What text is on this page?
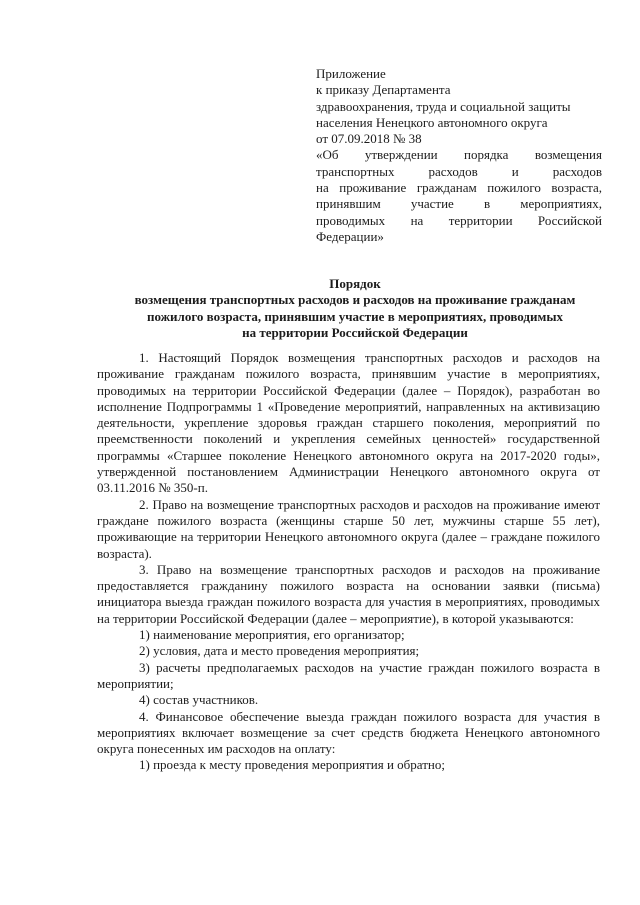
Приложение
к приказу Департамента
здравоохранения, труда и социальной защиты
населения Ненецкого автономного округа
от 07.09.2018 № 38
«Об утверждении порядка возмещения
транспортных расходов и расходов
на проживание гражданам пожилого возраста,
принявшим участие в мероприятиях,
проводимых на территории Российской
Федерации»
Порядок
возмещения транспортных расходов и расходов на проживание гражданам
пожилого возраста, принявшим участие в мероприятиях, проводимых
на территории Российской Федерации

1. Настоящий Порядок возмещения транспортных расходов и расходов на проживание гражданам пожилого возраста, принявшим участие в мероприятиях, проводимых на территории Российской Федерации (далее – Порядок), разработан во исполнение Подпрограммы 1 «Проведение мероприятий, направленных на активизацию деятельности, укрепление здоровья граждан старшего поколения, мероприятий по преемственности поколений и укрепления семейных ценностей» государственной программы «Старшее поколение Ненецкого автономного округа на 2017-2020 годы», утвержденной постановлением Администрации Ненецкого автономного округа от 03.11.2016 № 350-п.

2. Право на возмещение транспортных расходов и расходов на проживание имеют граждане пожилого возраста (женщины старше 50 лет, мужчины старше 55 лет), проживающие на территории Ненецкого автономного округа (далее – граждане пожилого возраста).

3. Право на возмещение транспортных расходов и расходов на проживание предоставляется гражданину пожилого возраста на основании заявки (письма) инициатора выезда граждан пожилого возраста для участия в мероприятиях, проводимых на территории Российской Федерации (далее – мероприятие), в которой указываются:

1) наименование мероприятия, его организатор;

2) условия, дата и место проведения мероприятия;

3) расчеты предполагаемых расходов на участие граждан пожилого возраста в мероприятии;

4) состав участников.

4. Финансовое обеспечение выезда граждан пожилого возраста для участия в мероприятиях включает возмещение за счет средств бюджета Ненецкого автономного округа понесенных им расходов на оплату:

1) проезда к месту проведения мероприятия и обратно;
